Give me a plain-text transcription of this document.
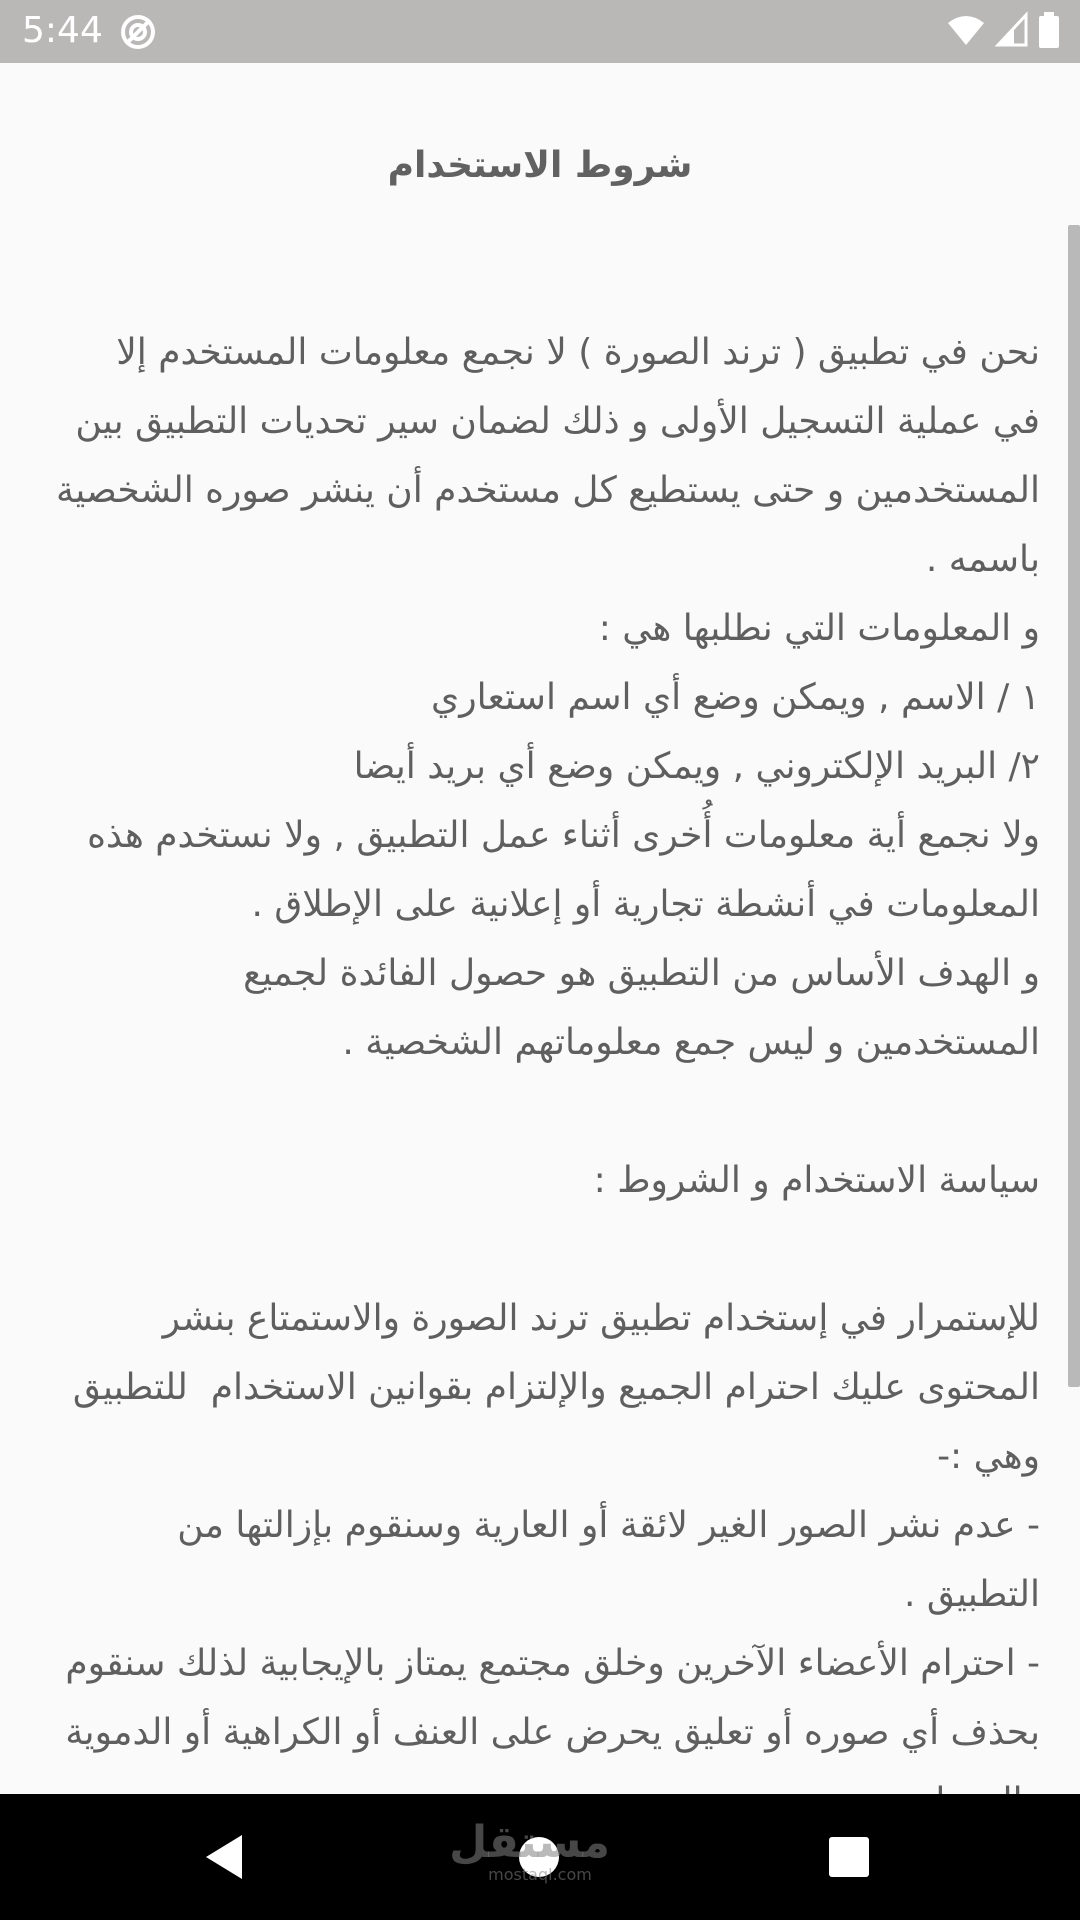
5:44
شروط الاستخدام
نحن في تطبيق ( ترند الصورة ) لا نجمع معلومات المستخدم إلا
في عملية التسجيل الأولى و ذلك لضمان سير تحديات التطبيق بين
المستخدمين و حتى يستطيع كل مستخدم أن ينشر صوره الشخصية
باسمه .
و المعلومات التي نطلبها هي :
١ / الاسم , ويمكن وضع أي اسم استعاري
٢/ البريد الإلكتروني , ويمكن وضع أي بريد أيضا
ولا نجمع أية معلومات أُخرى أثناء عمل التطبيق , ولا نستخدم هذه
المعلومات في أنشطة تجارية أو إعلانية على الإطلاق .
و الهدف الأساس من التطبيق هو حصول الفائدة لجميع
المستخدمين و ليس جمع معلوماتهم الشخصية .

سياسة الاستخدام و الشروط :

للإستمرار في إستخدام تطبيق ترند الصورة والاستمتاع بنشر
المحتوى عليك احترام الجميع والإلتزام بقوانين الاستخدام  للتطبيق
وهي :-
- عدم نشر الصور الغير لائقة أو العارية وسنقوم بإزالتها من
التطبيق .
- احترام الأعضاء الآخرين وخلق مجتمع يمتاز بالإيجابية لذلك سنقوم
بحذف أي صوره أو تعليق يحرض على العنف أو الكراهية أو الدموية

مستقل
mostaql.com
